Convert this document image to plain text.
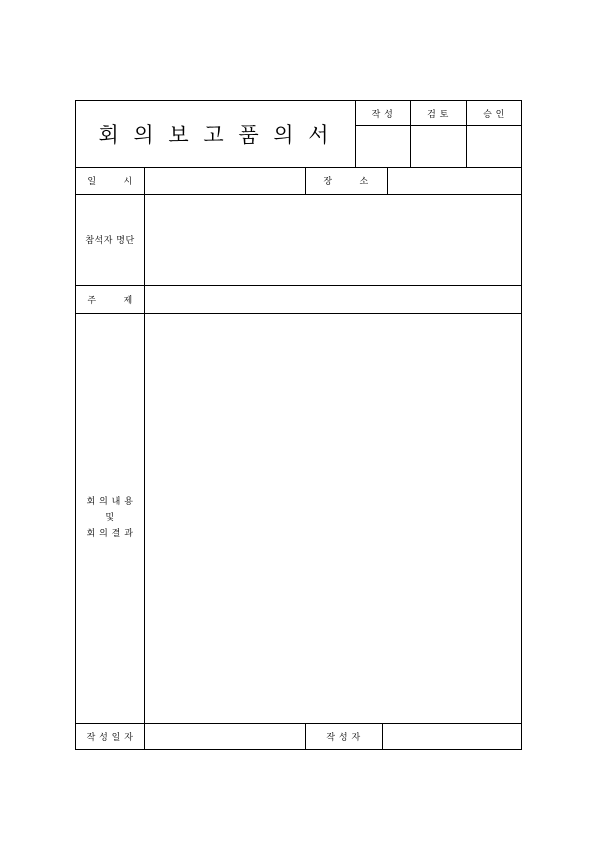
회 의 보 고 품 의 서
작 성	검 토	승 인
일        시	장        소
참석자 명단
주        제
회 의 내 용
및
회 의 결 과
작 성 일 자	작 성 자
